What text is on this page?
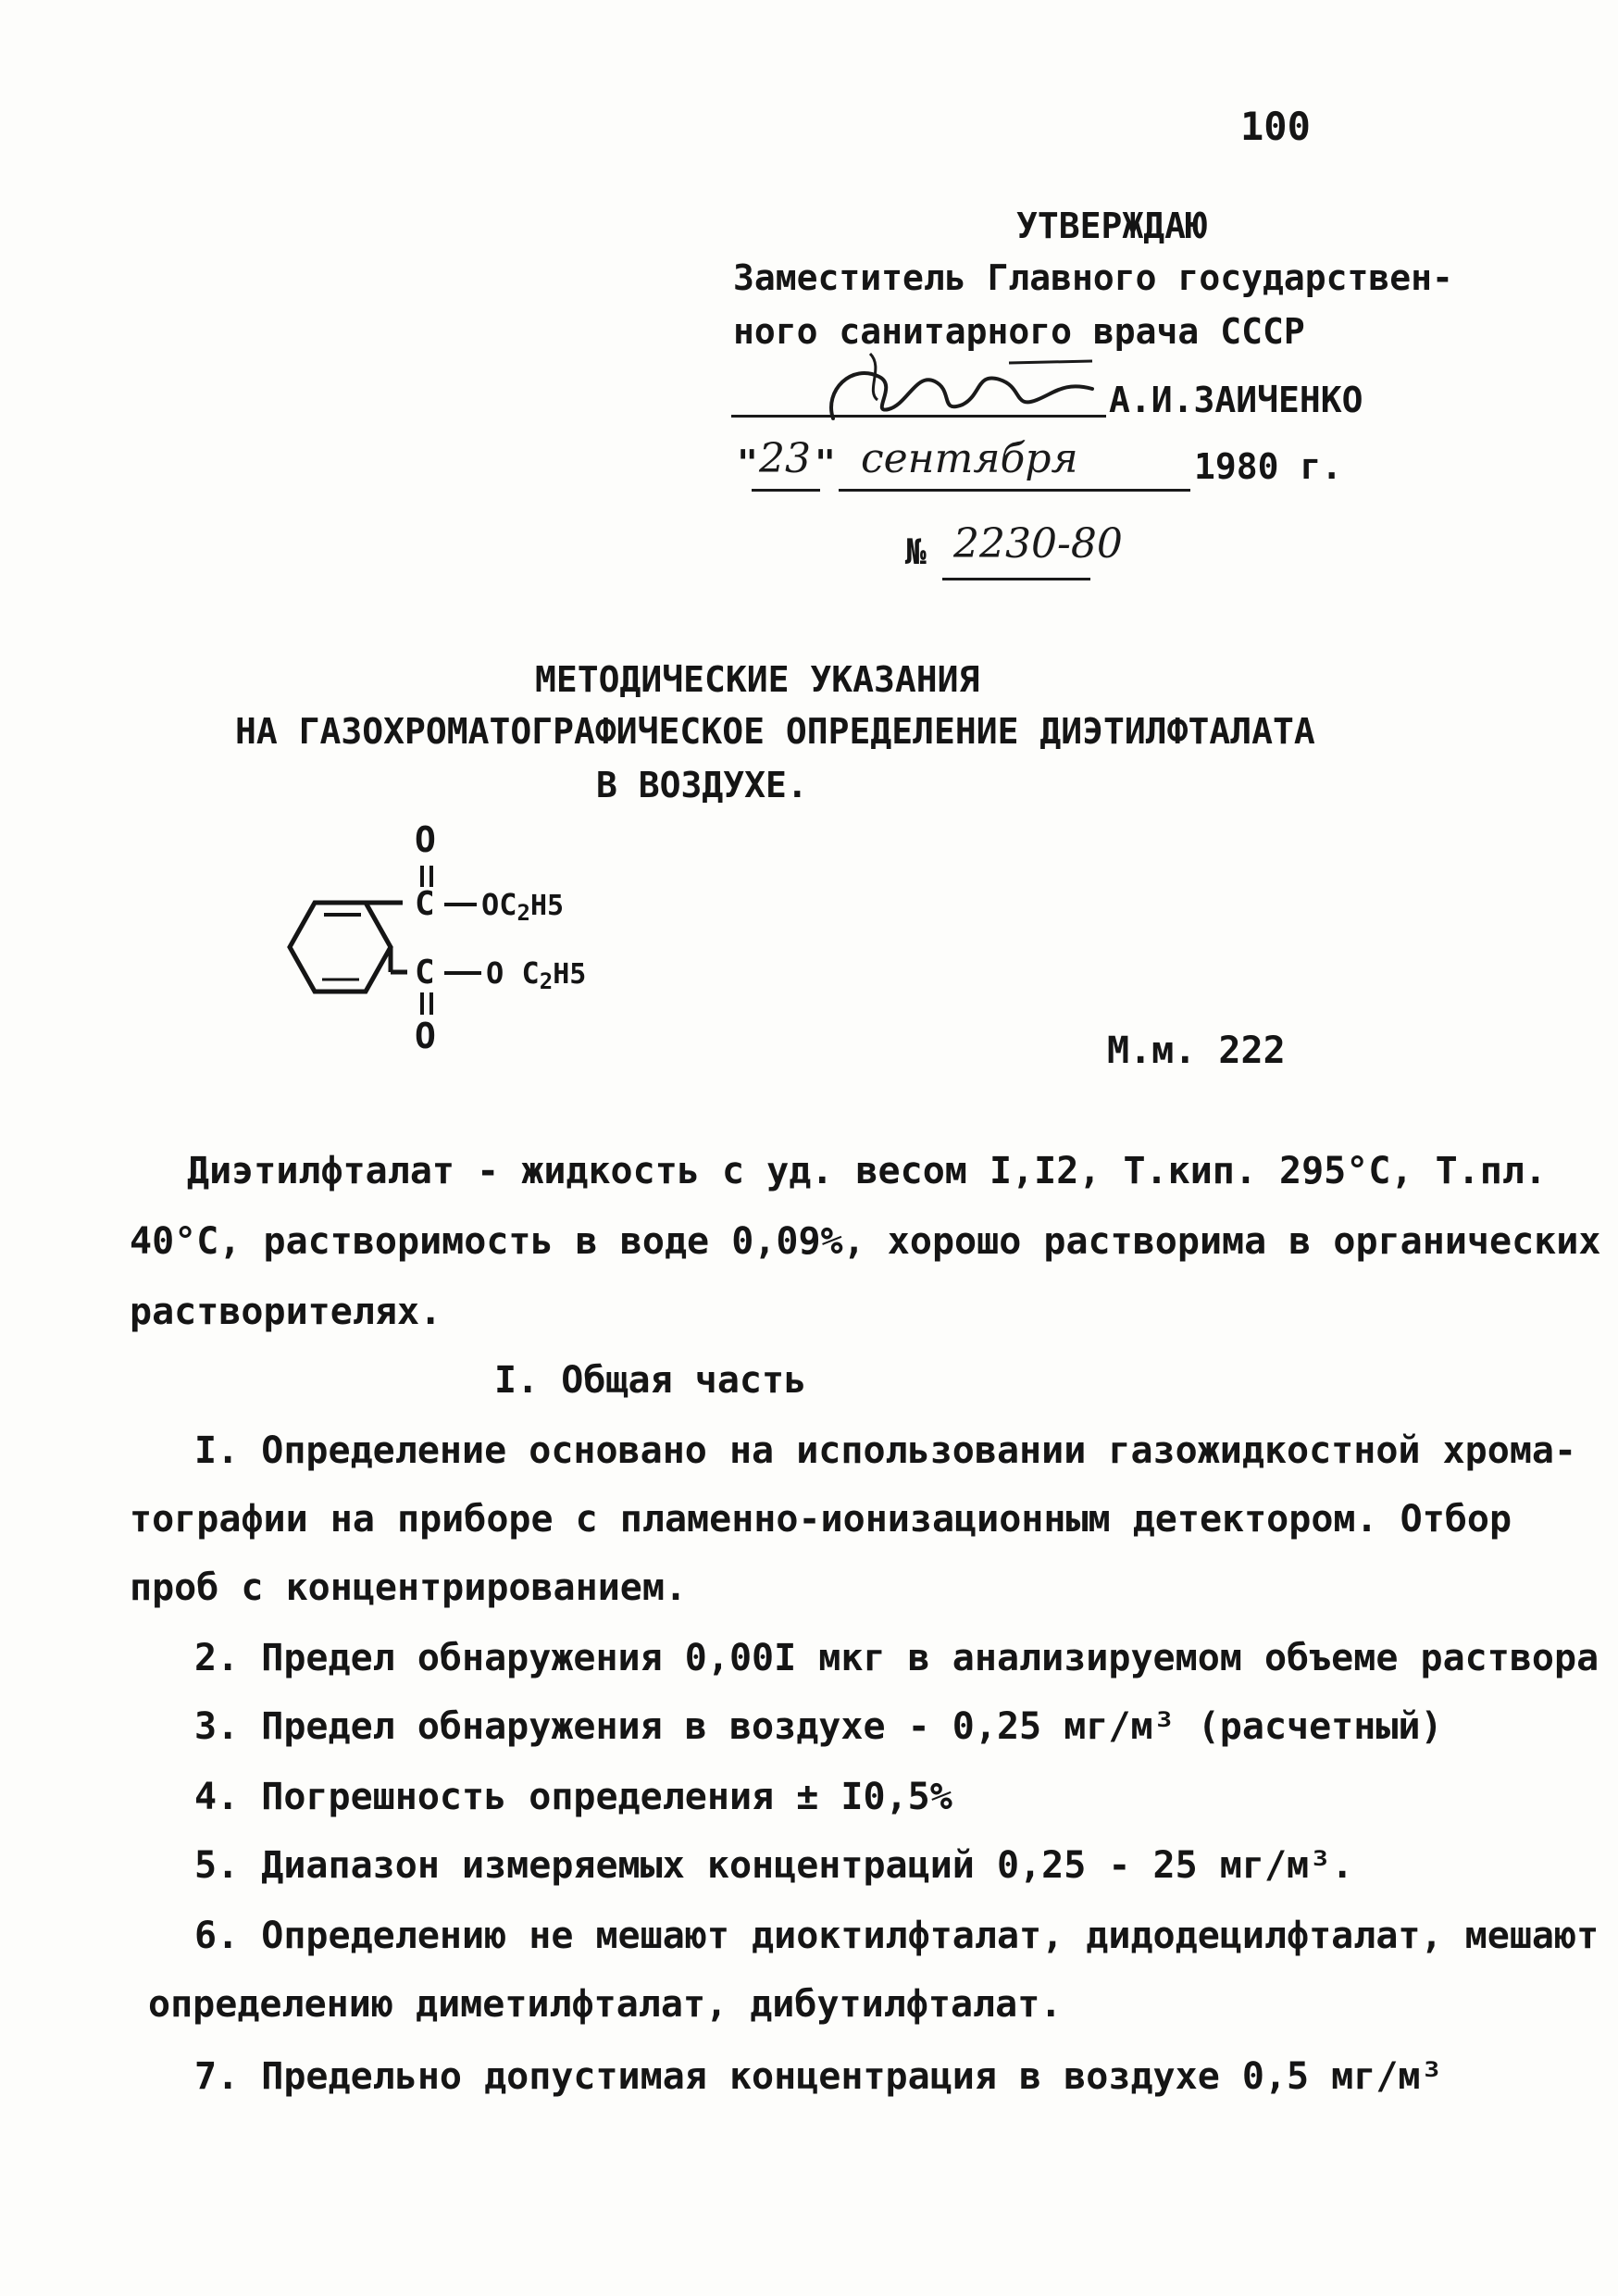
100
УТВЕРЖДАЮ
Заместитель Главного государствен-
ного санитарного врача СССР
А.И.ЗАИЧЕНКО
" 23 " сентября	1980 г.
№ 2230-80
МЕТОДИЧЕСКИЕ УКАЗАНИЯ
НА ГАЗОХРОМАТОГРАФИЧЕСКОЕ ОПРЕДЕЛЕНИЕ ДИЭТИЛФТАЛАТА
В ВОЗДУХЕ.
O
C OC2H5
C O C2H5
O	М.м. 222
Диэтилфталат - жидкость с уд. весом I,I2, Т.кип. 295°С, Т.пл.
40°С, растворимость в воде 0,09%, хорошо растворима в органических
растворителях.
I. Общая часть
I. Определение основано на использовании газожидкостной хрома-
тографии на приборе с пламенно-ионизационным детектором. Отбор
проб с концентрированием.
2. Предел обнаружения 0,00I мкг в анализируемом объеме раствора
3. Предел обнаружения в воздухе - 0,25 мг/м³ (расчетный)
4. Погрешность определения ± I0,5%
5. Диапазон измеряемых концентраций 0,25 - 25 мг/м³.
6. Определению не мешают диоктилфталат, дидодецилфталат, мешают
определению диметилфталат, дибутилфталат.
7. Предельно допустимая концентрация в воздухе 0,5 мг/м³
